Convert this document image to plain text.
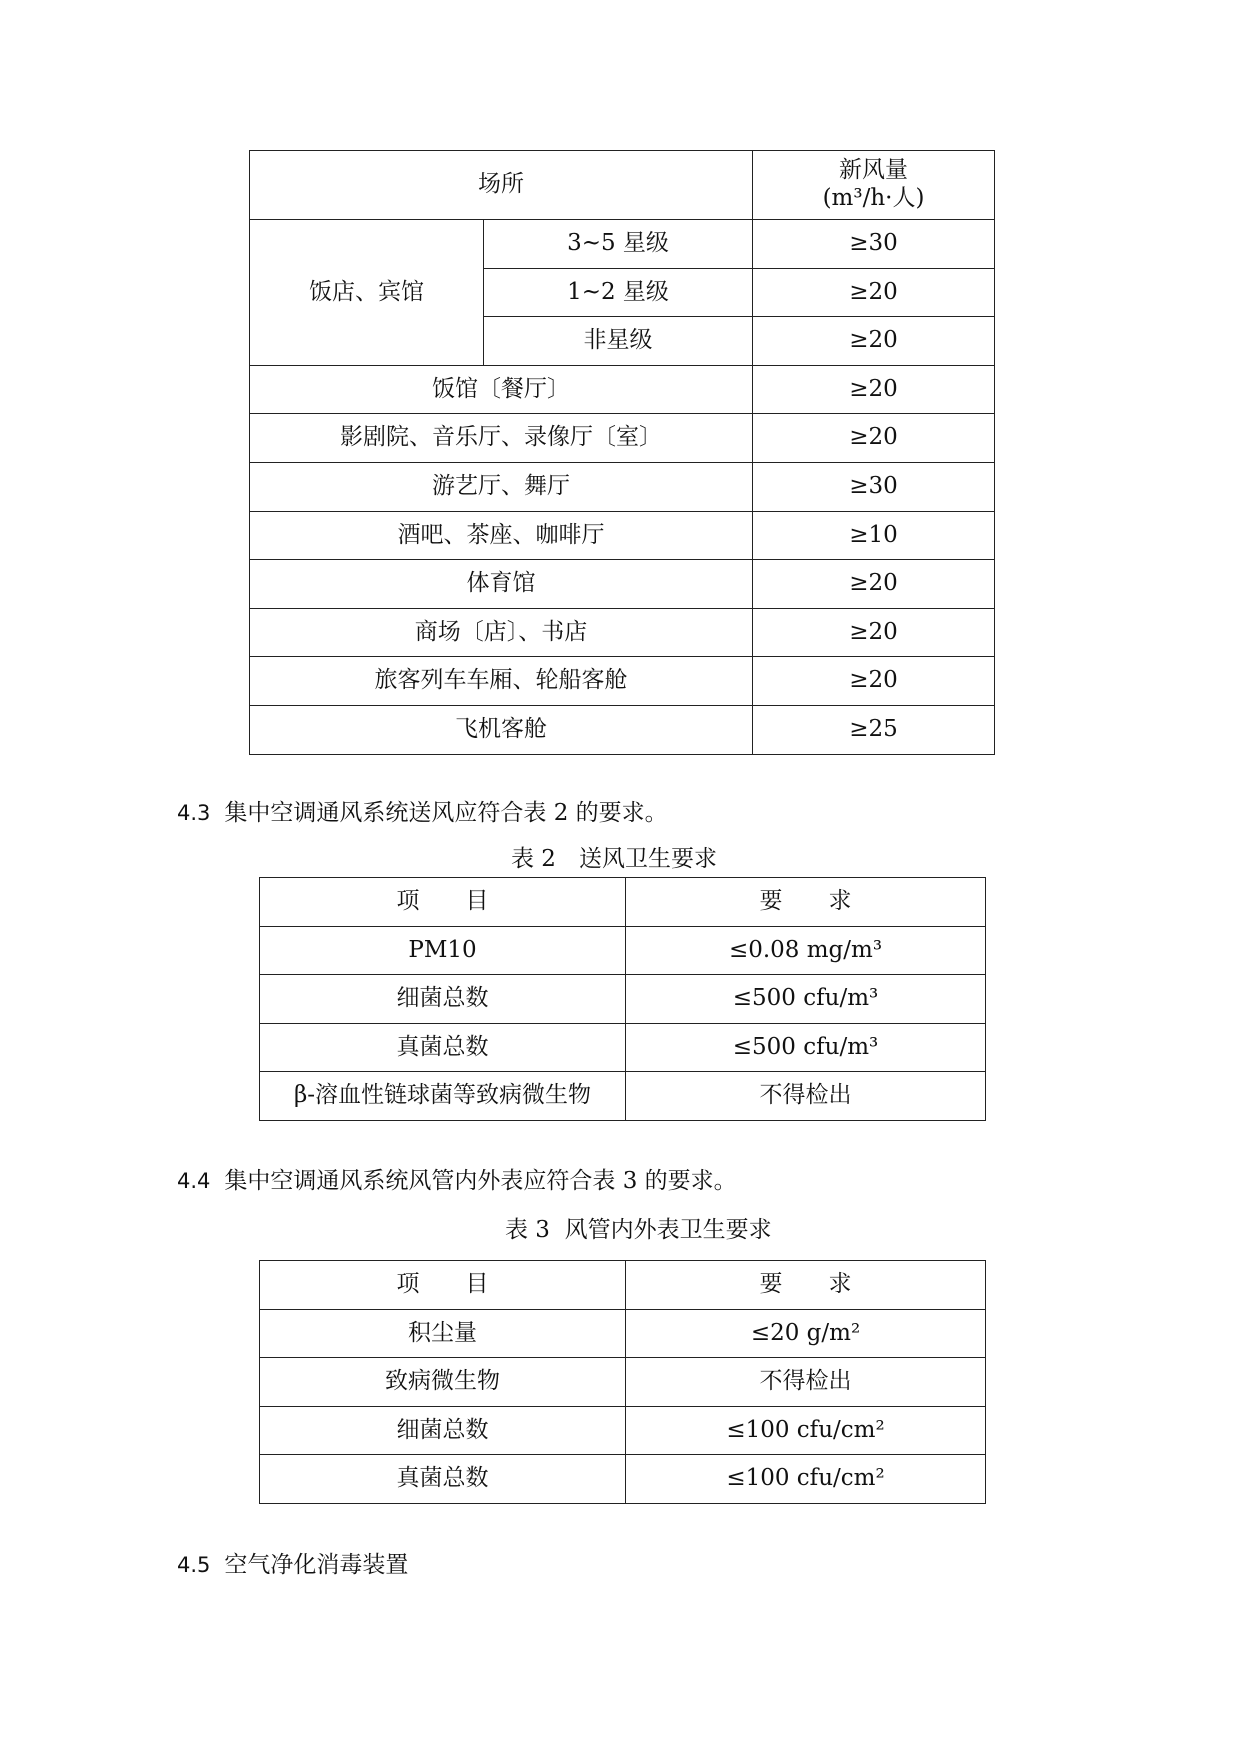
场所		新风量
(m³/h·人)

饭店、宾馆	3~5 星级	≥30
	1~2 星级	≥20
	非星级	≥20
饭馆〔餐厅〕		≥20
影剧院、音乐厅、录像厅〔室〕		≥20
游艺厅、舞厅		≥30
酒吧、茶座、咖啡厅		≥10
体育馆		≥20
商场〔店〕、书店		≥20
旅客列车车厢、轮船客舱		≥20
飞机客舱		≥25
4.3 集中空调通风系统送风应符合表 2 的要求。
表 2　送风卫生要求
项　　目	要　　求
PM10	≤0.08 mg/m³
细菌总数	≤500 cfu/m³
真菌总数	≤500 cfu/m³
β-溶血性链球菌等致病微生物	不得检出
4.4 集中空调通风系统风管内外表应符合表 3 的要求。
表 3  风管内外表卫生要求
项　　目	要　　求
积尘量	≤20 g/m²
致病微生物	不得检出
细菌总数	≤100 cfu/cm²
真菌总数	≤100 cfu/cm²
4.5 空气净化消毒装置
